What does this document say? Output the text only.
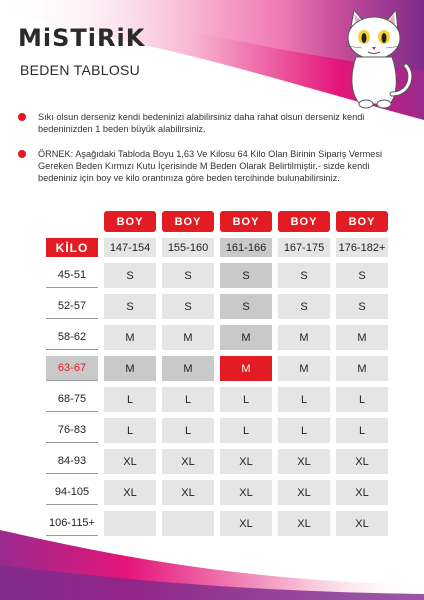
MiSTiRiK
BEDEN TABLOSU
Sıkı olsun derseniz kendi bedeninizi alabilirsiniz daha rahat olsun derseniz kendi bedeninizden 1 beden büyük alabilirsiniz.
ÖRNEK: Aşağıdaki Tabloda Boyu 1,63 Ve Kilosu 64 Kilo Olan Birinin Sipariş Vermesi Gereken Beden Kırmızı Kutu İçerisinde M Beden Olarak Belirtilmiştir.- sizde kendi bedeniniz için boy ve kilo orantınıza göre beden tercihinde bulunabilirsiniz.
	BOY	BOY	BOY	BOY	BOY
KİLO	147-154	155-160	161-166	167-175	176-182+
45-51	S	S	S	S	S
52-57	S	S	S	S	S
58-62	M	M	M	M	M
63-67	M	M	M	M	M
68-75	L	L	L	L	L
76-83	L	L	L	L	L
84-93	XL	XL	XL	XL	XL
94-105	XL	XL	XL	XL	XL
106-115+			XL	XL	XL
